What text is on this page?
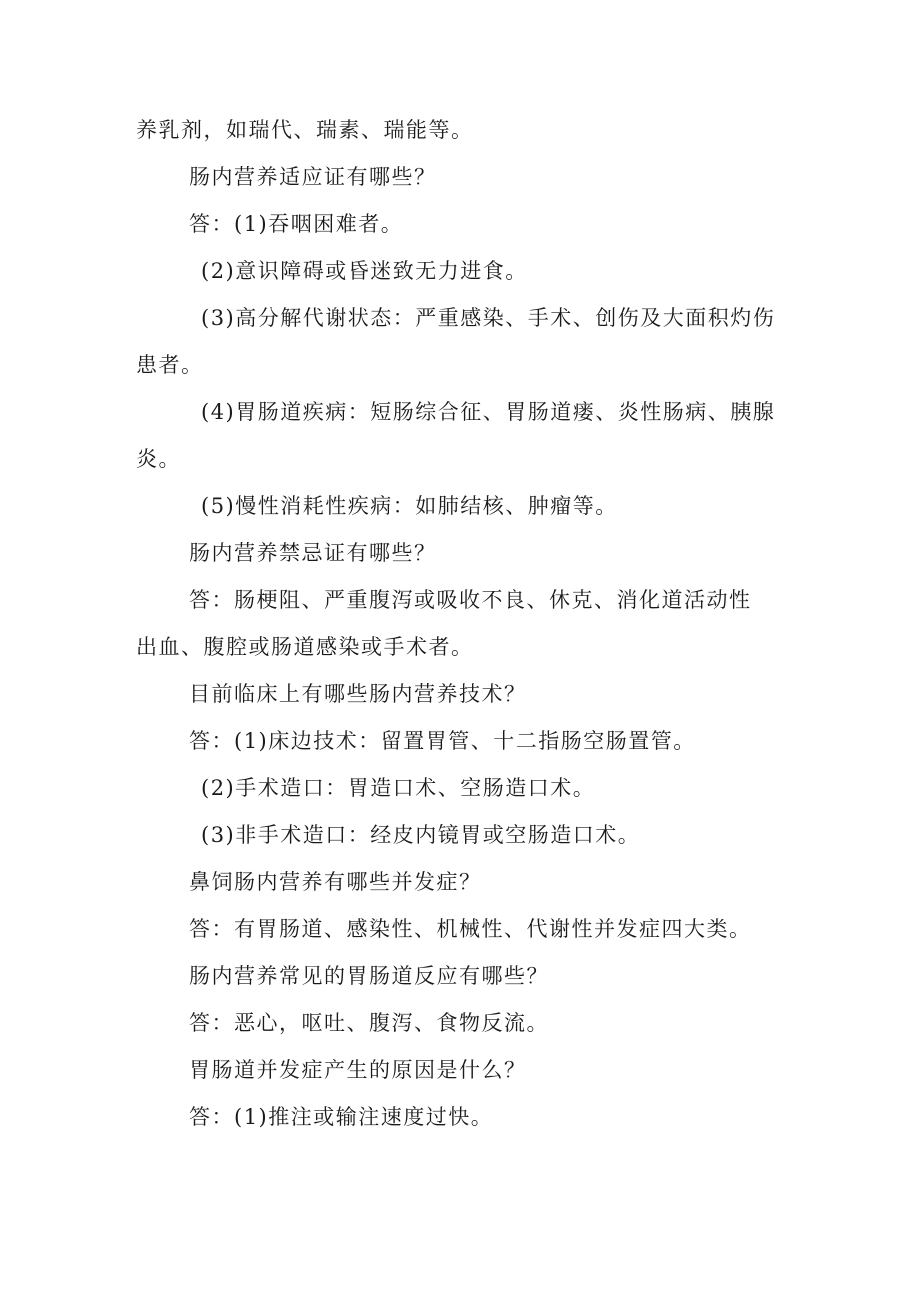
养乳剂，如瑞代、瑞素、瑞能等。
肠内营养适应证有哪些？
答：(1)吞咽困难者。
(2)意识障碍或昏迷致无力进食。
(3)高分解代谢状态：严重感染、手术、创伤及大面积灼伤
患者。
(4)胃肠道疾病：短肠综合征、胃肠道瘘、炎性肠病、胰腺
炎。
(5)慢性消耗性疾病：如肺结核、肿瘤等。
肠内营养禁忌证有哪些？
答：肠梗阻、严重腹泻或吸收不良、休克、消化道活动性
出血、腹腔或肠道感染或手术者。
目前临床上有哪些肠内营养技术？
答：(1)床边技术：留置胃管、十二指肠空肠置管。
(2)手术造口：胃造口术、空肠造口术。
(3)非手术造口：经皮内镜胃或空肠造口术。
鼻饲肠内营养有哪些并发症？
答：有胃肠道、感染性、机械性、代谢性并发症四大类。
肠内营养常见的胃肠道反应有哪些？
答：恶心，呕吐、腹泻、食物反流。
胃肠道并发症产生的原因是什么？
答：(1)推注或输注速度过快。
